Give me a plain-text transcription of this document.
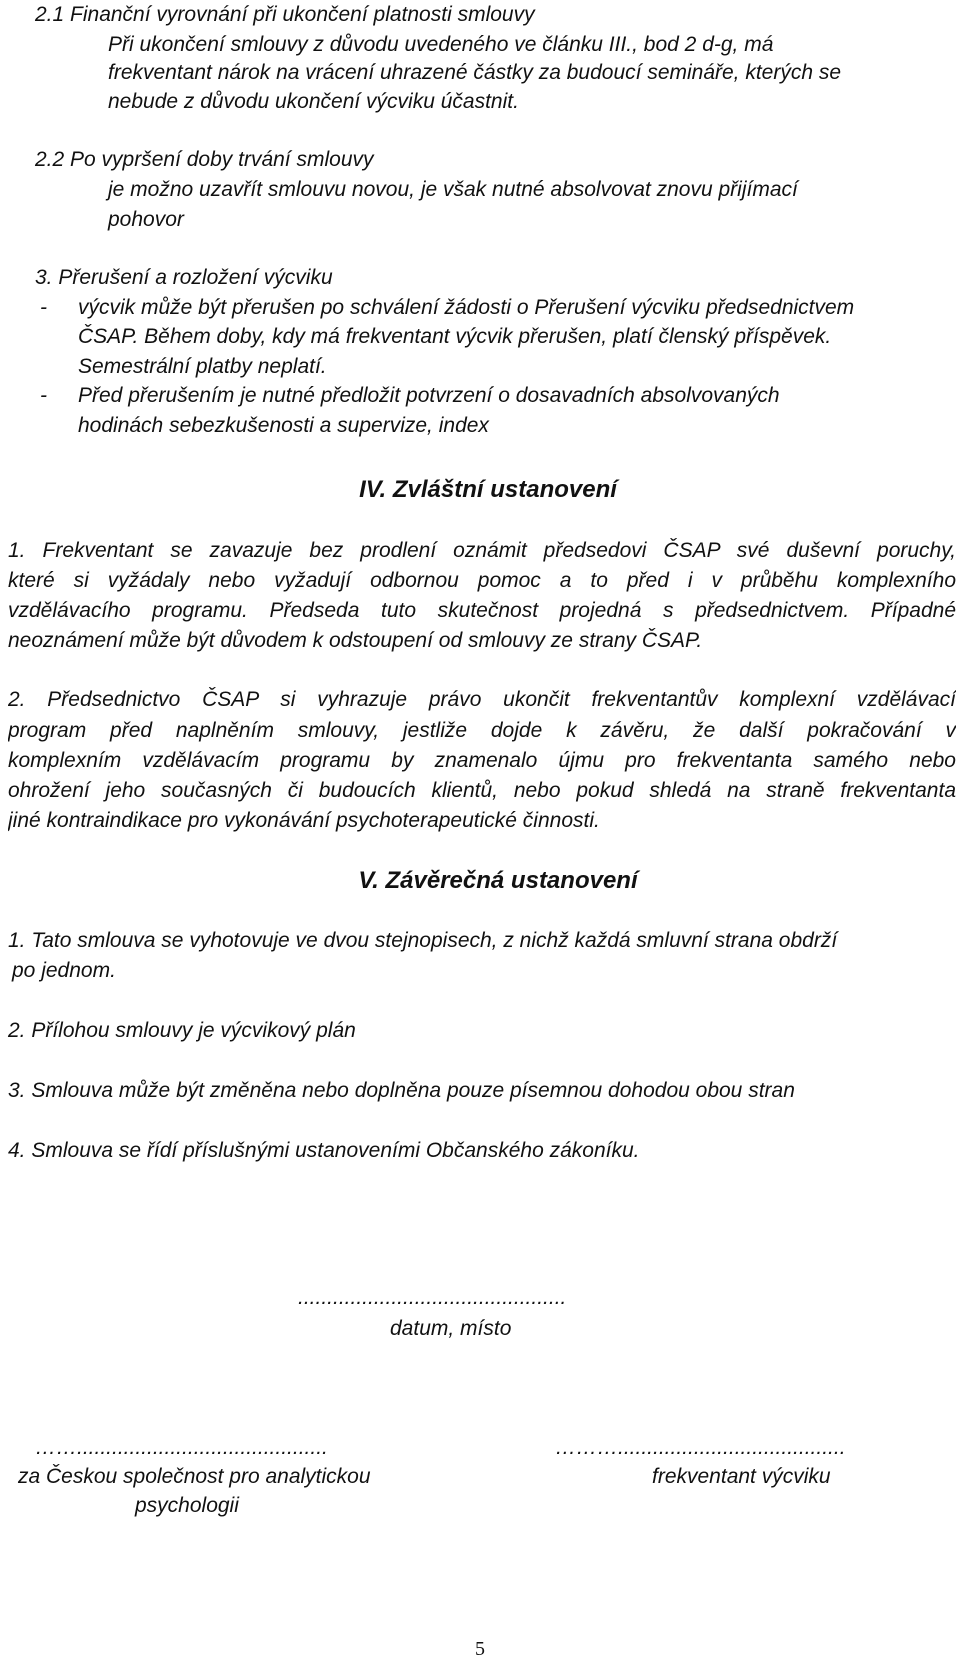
2.1 Finanční vyrovnání při ukončení platnosti smlouvy
Při ukončení smlouvy z důvodu uvedeného ve článku III., bod 2 d-g, má
frekventant nárok na vrácení uhrazené částky za budoucí semináře, kterých se
nebude z důvodu ukončení výcviku účastnit.
2.2 Po vypršení doby trvání smlouvy
je možno uzavřít smlouvu novou, je však nutné absolvovat znovu přijímací
pohovor
3. Přerušení a rozložení výcviku
- výcvik může být přerušen po schválení žádosti o Přerušení výcviku předsednictvem
ČSAP. Během doby, kdy má frekventant výcvik přerušen, platí členský příspěvek.
Semestrální platby neplatí.
- Před přerušením je nutné předložit potvrzení o dosavadních absolvovaných
hodinách sebezkušenosti a supervize, index
IV. Zvláštní ustanovení
1. Frekventant se zavazuje bez prodlení oznámit předsedovi ČSAP své duševní poruchy,
které si vyžádaly nebo vyžadují odbornou pomoc a to před i v průběhu komplexního
vzdělávacího programu. Předseda tuto skutečnost projedná s předsednictvem. Případné
neoznámení může být důvodem k odstoupení od smlouvy ze strany ČSAP.
2. Předsednictvo ČSAP si vyhrazuje právo ukončit frekventantův komplexní vzdělávací
program před naplněním smlouvy, jestliže dojde k závěru, že další pokračování v
komplexním vzdělávacím programu by znamenalo újmu pro frekventanta samého nebo
ohrožení jeho současných či budoucích klientů, nebo pokud shledá na straně frekventanta
jiné kontraindikace pro vykonávání psychoterapeutické činnosti.
V. Závěrečná ustanovení
1. Tato smlouva se vyhotovuje ve dvou stejnopisech, z nichž každá smluvní strana obdrží
po jednom.
2. Přílohou smlouvy je výcvikový plán
3. Smlouva může být změněna nebo doplněna pouze písemnou dohodou obou stran
4. Smlouva se řídí příslušnými ustanoveními Občanského zákoníku.
..............................................
datum, místo
……...........................................
za Českou společnost pro analytickou
psychologii
……….......................................
frekventant výcviku
5
